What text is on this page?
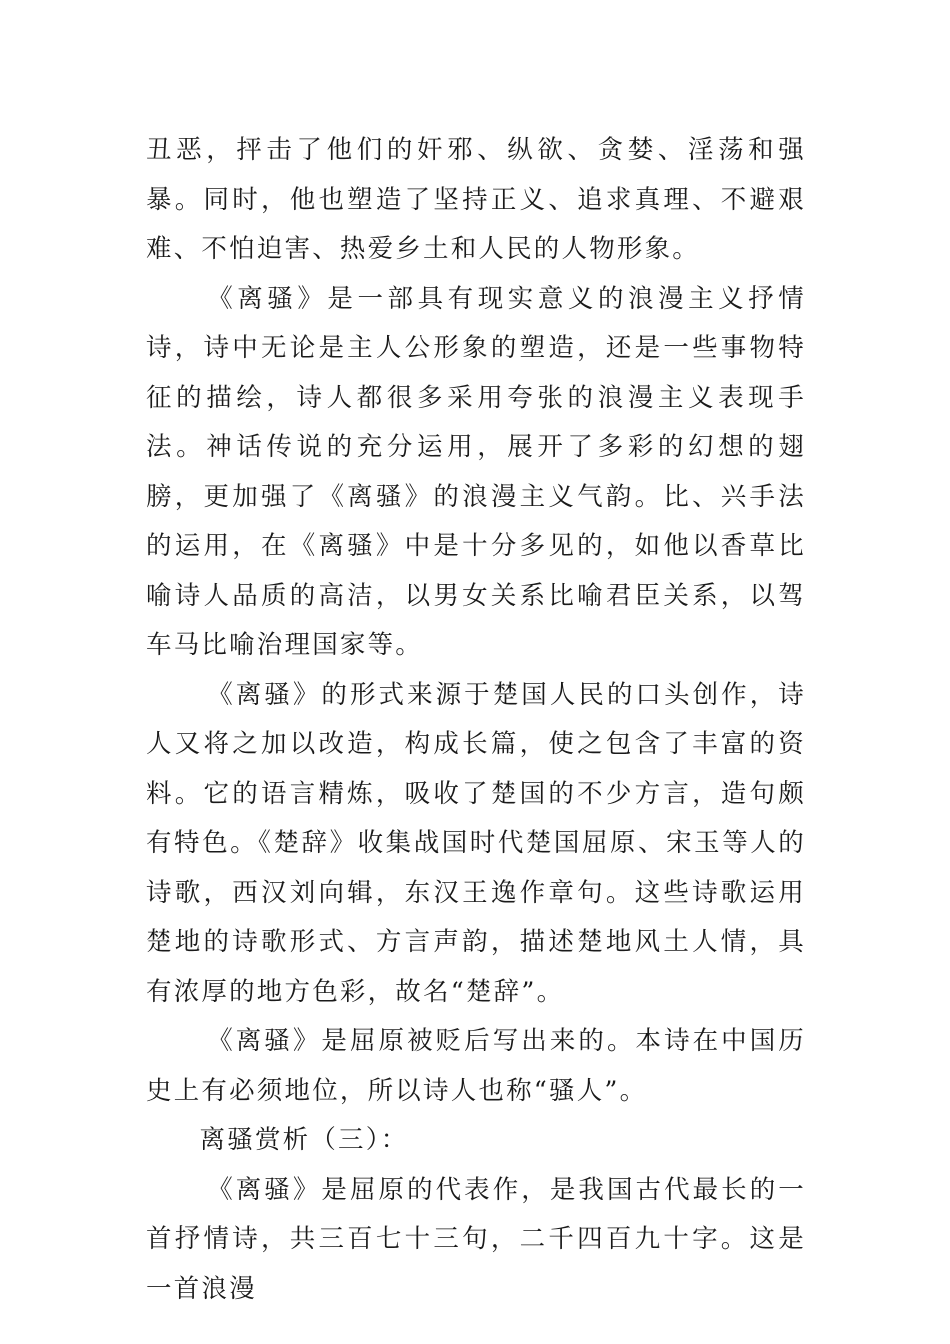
丑恶，抨击了他们的奸邪、纵欲、贪婪、淫荡和强暴。同时，他也塑造了坚持正义、追求真理、不避艰难、不怕迫害、热爱乡土和人民的人物形象。

《离骚》是一部具有现实意义的浪漫主义抒情诗，诗中无论是主人公形象的塑造，还是一些事物特征的描绘，诗人都很多采用夸张的浪漫主义表现手法。神话传说的充分运用，展开了多彩的幻想的翅膀，更加强了《离骚》的浪漫主义气韵。比、兴手法的运用，在《离骚》中是十分多见的，如他以香草比喻诗人品质的高洁，以男女关系比喻君臣关系，以驾车马比喻治理国家等。

《离骚》的形式来源于楚国人民的口头创作，诗人又将之加以改造，构成长篇，使之包含了丰富的资料。它的语言精炼，吸收了楚国的不少方言，造句颇有特色。《楚辞》收集战国时代楚国屈原、宋玉等人的诗歌，西汉刘向辑，东汉王逸作章句。这些诗歌运用楚地的诗歌形式、方言声韵，描述楚地风土人情，具有浓厚的地方色彩，故名“楚辞”。

《离骚》是屈原被贬后写出来的。本诗在中国历史上有必须地位，所以诗人也称“骚人”。

离骚赏析（三）：

《离骚》是屈原的代表作，是我国古代最长的一首抒情诗，共三百七十三句，二千四百九十字。这是一首浪漫
